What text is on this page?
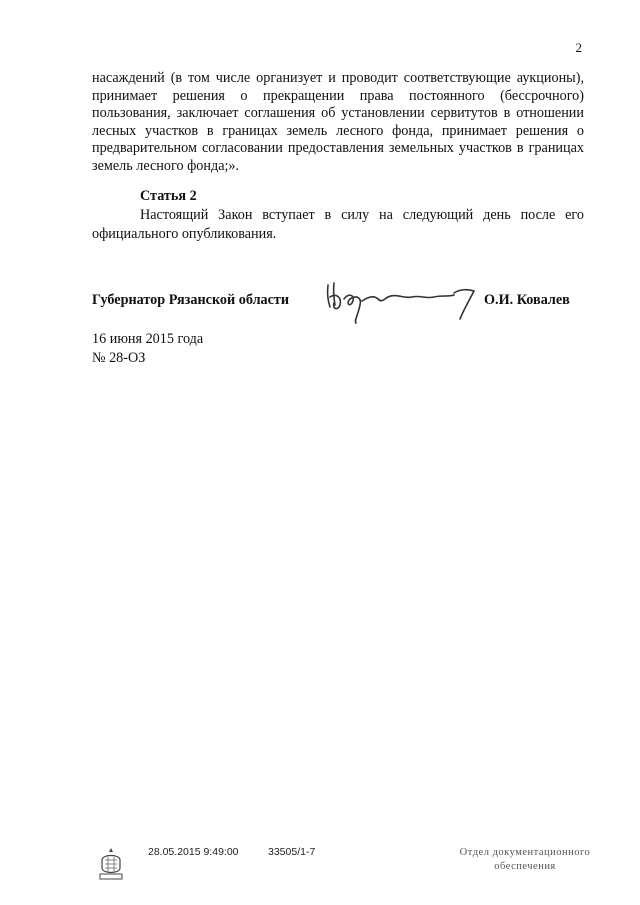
2

насаждений (в том числе организует и проводит соответствующие аукционы), принимает решения о прекращении права постоянного (бессрочного) пользования, заключает соглашения об установлении сервитутов в отношении лесных участков в границах земель лесного фонда, принимает решения о предварительном согласовании предоставления земельных участков в границах земель лесного фонда;».

Статья 2
Настоящий Закон вступает в силу на следующий день после его официального опубликования.
Губернатор Рязанской области	О.И. Ковалев
16 июня 2015 года
№ 28-ОЗ
28.05.2015 9:49:00	33505/1-7	Отдел документационного
обеспечения
